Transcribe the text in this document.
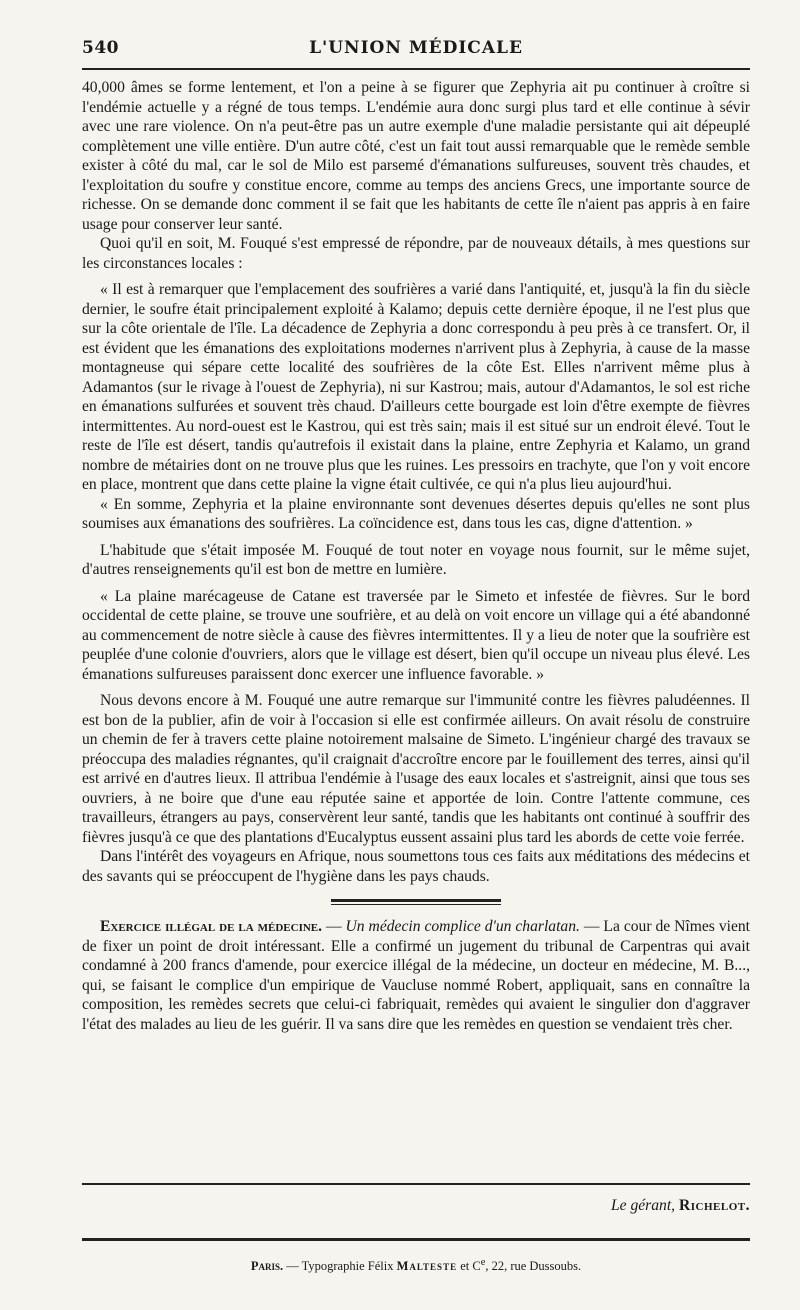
540	L'UNION MÉDICALE

40,000 âmes se forme lentement, et l'on a peine à se figurer que Zephyria ait pu continuer à croître si l'endémie actuelle y a régné de tous temps. L'endémie aura donc surgi plus tard et elle continue à sévir avec une rare violence. On n'a peut-être pas un autre exemple d'une maladie persistante qui ait dépeuplé complètement une ville entière. D'un autre côté, c'est un fait tout aussi remarquable que le remède semble exister à côté du mal, car le sol de Milo est parsemé d'émanations sulfureuses, souvent très chaudes, et l'exploitation du soufre y constitue encore, comme au temps des anciens Grecs, une importante source de richesse. On se demande donc comment il se fait que les habitants de cette île n'aient pas appris à en faire usage pour conserver leur santé.

Quoi qu'il en soit, M. Fouqué s'est empressé de répondre, par de nouveaux détails, à mes questions sur les circonstances locales :

« Il est à remarquer que l'emplacement des soufrières a varié dans l'antiquité, et, jusqu'à la fin du siècle dernier, le soufre était principalement exploité à Kalamo; depuis cette dernière époque, il ne l'est plus que sur la côte orientale de l'île. La décadence de Zephyria a donc correspondu à peu près à ce transfert. Or, il est évident que les émanations des exploitations modernes n'arrivent plus à Zephyria, à cause de la masse montagneuse qui sépare cette localité des soufrières de la côte Est. Elles n'arrivent même plus à Adamantos (sur le rivage à l'ouest de Zephyria), ni sur Kastrou; mais, autour d'Adamantos, le sol est riche en émanations sulfurées et souvent très chaud. D'ailleurs cette bourgade est loin d'être exempte de fièvres intermittentes. Au nord-ouest est le Kastrou, qui est très sain; mais il est situé sur un endroit élevé. Tout le reste de l'île est désert, tandis qu'autrefois il existait dans la plaine, entre Zephyria et Kalamo, un grand nombre de métairies dont on ne trouve plus que les ruines. Les pressoirs en trachyte, que l'on y voit encore en place, montrent que dans cette plaine la vigne était cultivée, ce qui n'a plus lieu aujourd'hui.

« En somme, Zephyria et la plaine environnante sont devenues désertes depuis qu'elles ne sont plus soumises aux émanations des soufrières. La coïncidence est, dans tous les cas, digne d'attention. »

L'habitude que s'était imposée M. Fouqué de tout noter en voyage nous fournit, sur le même sujet, d'autres renseignements qu'il est bon de mettre en lumière.

« La plaine marécageuse de Catane est traversée par le Simeto et infestée de fièvres. Sur le bord occidental de cette plaine, se trouve une soufrière, et au delà on voit encore un village qui a été abandonné au commencement de notre siècle à cause des fièvres intermittentes. Il y a lieu de noter que la soufrière est peuplée d'une colonie d'ouvriers, alors que le village est désert, bien qu'il occupe un niveau plus élevé. Les émanations sulfureuses paraissent donc exercer une influence favorable. »

Nous devons encore à M. Fouqué une autre remarque sur l'immunité contre les fièvres paludéennes. Il est bon de la publier, afin de voir à l'occasion si elle est confirmée ailleurs. On avait résolu de construire un chemin de fer à travers cette plaine notoirement malsaine de Simeto. L'ingénieur chargé des travaux se préoccupa des maladies régnantes, qu'il craignait d'accroître encore par le fouillement des terres, ainsi qu'il est arrivé en d'autres lieux. Il attribua l'endémie à l'usage des eaux locales et s'astreignit, ainsi que tous ses ouvriers, à ne boire que d'une eau réputée saine et apportée de loin. Contre l'attente commune, ces travailleurs, étrangers au pays, conservèrent leur santé, tandis que les habitants ont continué à souffrir des fièvres jusqu'à ce que des plantations d'Eucalyptus eussent assaini plus tard les abords de cette voie ferrée.

Dans l'intérêt des voyageurs en Afrique, nous soumettons tous ces faits aux méditations des médecins et des savants qui se préoccupent de l'hygiène dans les pays chauds.

Exercice illégal de la médecine. — Un médecin complice d'un charlatan. — La cour de Nîmes vient de fixer un point de droit intéressant. Elle a confirmé un jugement du tribunal de Carpentras qui avait condamné à 200 francs d'amende, pour exercice illégal de la médecine, un docteur en médecine, M. B..., qui, se faisant le complice d'un empirique de Vaucluse nommé Robert, appliquait, sans en connaître la composition, les remèdes secrets que celui-ci fabriquait, remèdes qui avaient le singulier don d'aggraver l'état des malades au lieu de les guérir. Il va sans dire que les remèdes en question se vendaient très cher.

Le gérant, Richelot.
Paris. — Typographie Félix Malteste et Ce, 22, rue Dussoubs.
